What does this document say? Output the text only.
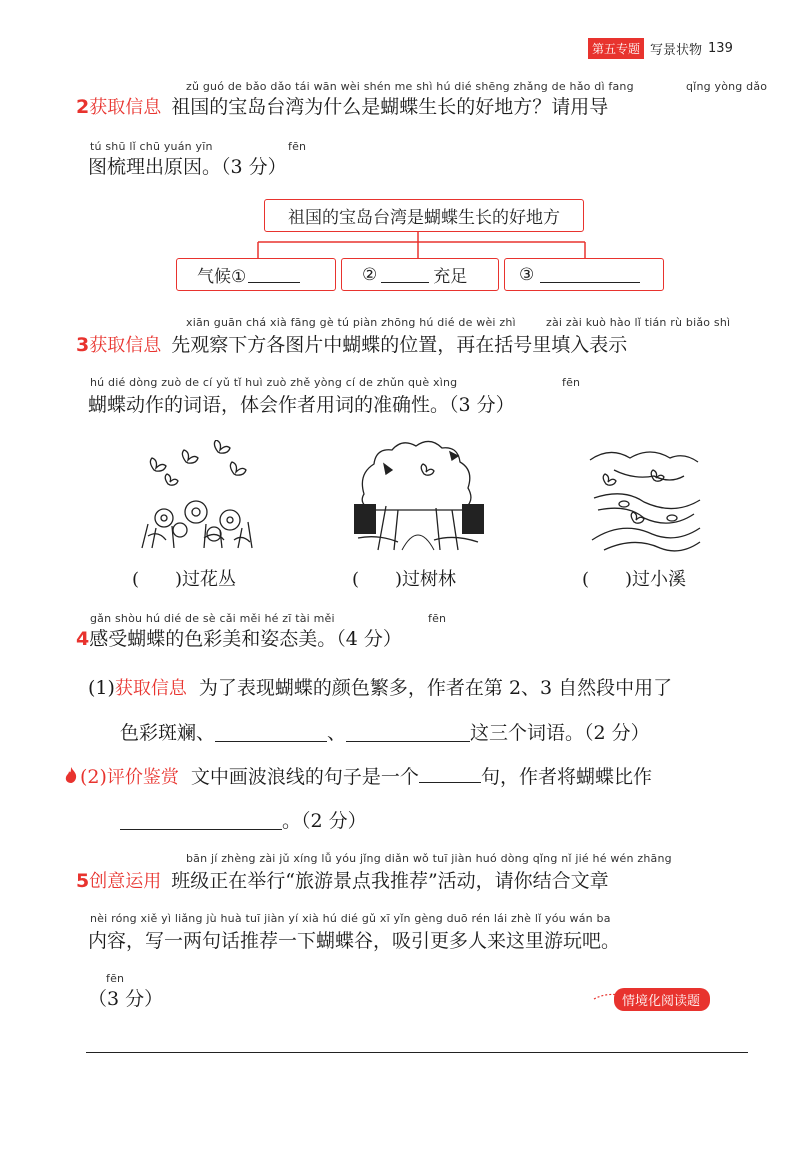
第五专题 写景状物 139
zǔ guó de bǎo dǎo tái wān wèi shén me shì hú dié shēng zhǎng de hǎo dì fang	qǐng yòng dǎo
2 获取信息 祖国的宝岛台湾为什么是蝴蝶生长的好地方？请用导
tú shū lǐ chū yuán yīn	fēn
图梳理出原因。（3 分）
祖国的宝岛台湾是蝴蝶生长的好地方
气候①	②	充足	③
xiān guān chá xià fāng gè tú piàn zhōng hú dié de wèi zhì	zài zài kuò hào lǐ tián rù biǎo shì
3 获取信息 先观察下方各图片中蝴蝶的位置，再在括号里填入表示
hú dié dòng zuò de cí yǔ tǐ huì zuò zhě yòng cí de zhǔn què xìng	fēn
蝴蝶动作的词语，体会作者用词的准确性。（3 分）
(　　)过花丛	(　　)过树林	(　　)过小溪
gǎn shòu hú dié de sè cǎi měi hé zī tài měi	fēn
4 感受蝴蝶的色彩美和姿态美。（4 分）
(1) 获取信息 为了表现蝴蝶的颜色繁多，作者在第 2、3 自然段中用了
色彩斑斓、	、	这三个词语。（2 分）
(2) 评价鉴赏 文中画波浪线的句子是一个	句，作者将蝴蝶比作
。（2 分）
bān jí zhèng zài jǔ xíng lǚ yóu jǐng diǎn wǒ tuī jiàn huó dòng qǐng nǐ jié hé wén zhāng
5 创意运用 班级正在举行“旅游景点我推荐”活动，请你结合文章
nèi róng xiě yì liǎng jù huà tuī jiàn yí xià hú dié gǔ xī yǐn gèng duō rén lái zhè lǐ yóu wán ba
内容，写一两句话推荐一下蝴蝶谷，吸引更多人来这里游玩吧。
fēn
（3 分）	情境化阅读题
